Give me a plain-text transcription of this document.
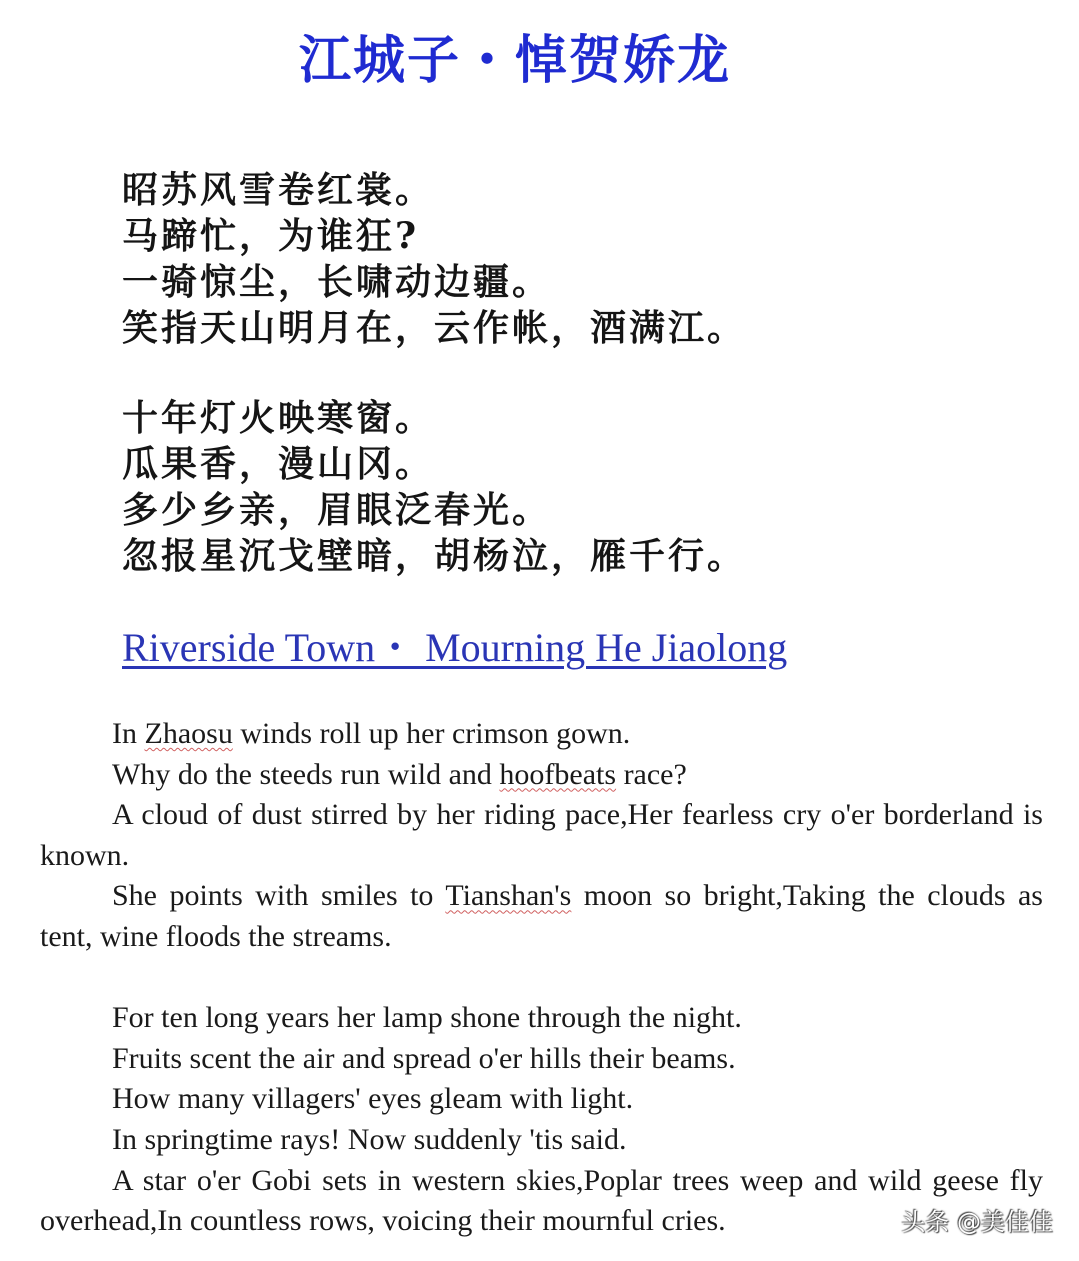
江城子・悼贺娇龙
昭苏风雪卷红裳。
马蹄忙，为谁狂?
一骑惊尘，长啸动边疆。
笑指天山明月在，云作帐，酒满江。
十年灯火映寒窗。
瓜果香，漫山冈。
多少乡亲，眉眼泛春光。
忽报星沉戈壁暗，胡杨泣，雁千行。
Riverside Town・ Mourning He Jiaolong

In Zhaosu winds roll up her crimson gown.

Why do the steeds run wild and hoofbeats race?

A cloud of dust stirred by her riding pace,Her fearless cry o'er borderland is known.

She points with smiles to Tianshan's moon so bright,Taking the clouds as tent, wine floods the streams.

For ten long years her lamp shone through the night.

Fruits scent the air and spread o'er hills their beams.

How many villagers' eyes gleam with light.

In springtime rays! Now suddenly 'tis said.

A star o'er Gobi sets in western skies,Poplar trees weep and wild geese fly overhead,In countless rows, voicing their mournful cries.	头条 @美佳佳
